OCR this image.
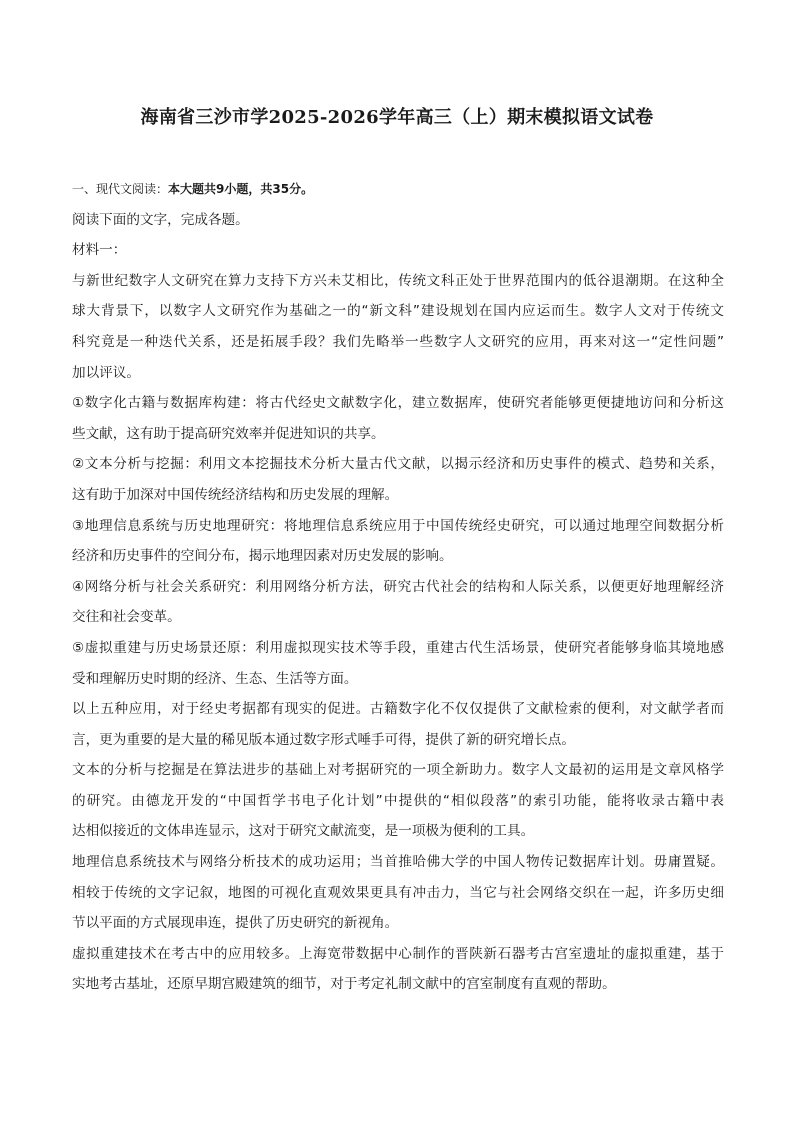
海南省三沙市学2025-2026学年高三（上）期末模拟语文试卷
一、现代文阅读：本大题共9小题，共35分。
阅读下面的文字，完成各题。
材料一：
与新世纪数字人文研究在算力支持下方兴未艾相比，传统文科正处于世界范围内的低谷退潮期。在这种全
球大背景下，以数字人文研究作为基础之一的“新文科”建设规划在国内应运而生。数字人文对于传统文
科究竟是一种迭代关系，还是拓展手段？我们先略举一些数字人文研究的应用，再来对这一“定性问题”
加以评议。
①数字化古籍与数据库构建：将古代经史文献数字化，建立数据库，使研究者能够更便捷地访问和分析这
些文献，这有助于提高研究效率并促进知识的共享。
②文本分析与挖掘：利用文本挖掘技术分析大量古代文献，以揭示经济和历史事件的模式、趋势和关系，
这有助于加深对中国传统经济结构和历史发展的理解。
③地理信息系统与历史地理研究：将地理信息系统应用于中国传统经史研究，可以通过地理空间数据分析
经济和历史事件的空间分布，揭示地理因素对历史发展的影响。
④网络分析与社会关系研究：利用网络分析方法，研究古代社会的结构和人际关系，以便更好地理解经济
交往和社会变革。
⑤虚拟重建与历史场景还原：利用虚拟现实技术等手段，重建古代生活场景，使研究者能够身临其境地感
受和理解历史时期的经济、生态、生活等方面。
以上五种应用，对于经史考据都有现实的促进。古籍数字化不仅仅提供了文献检索的便利，对文献学者而
言，更为重要的是大量的稀见版本通过数字形式唾手可得，提供了新的研究增长点。
文本的分析与挖掘是在算法进步的基础上对考据研究的一项全新助力。数字人文最初的运用是文章风格学
的研究。由德龙开发的“中国哲学书电子化计划”中提供的“相似段落”的索引功能，能将收录古籍中表
达相似接近的文体串连显示，这对于研究文献流变，是一项极为便利的工具。
地理信息系统技术与网络分析技术的成功运用；当首推哈佛大学的中国人物传记数据库计划。毋庸置疑。
相较于传统的文字记叙，地图的可视化直观效果更具有冲击力，当它与社会网络交织在一起，许多历史细
节以平面的方式展现串连，提供了历史研究的新视角。
虚拟重建技术在考古中的应用较多。上海宽带数据中心制作的晋陕新石器考古宫室遗址的虚拟重建，基于
实地考古基址，还原早期宫殿建筑的细节，对于考定礼制文献中的宫室制度有直观的帮助。
